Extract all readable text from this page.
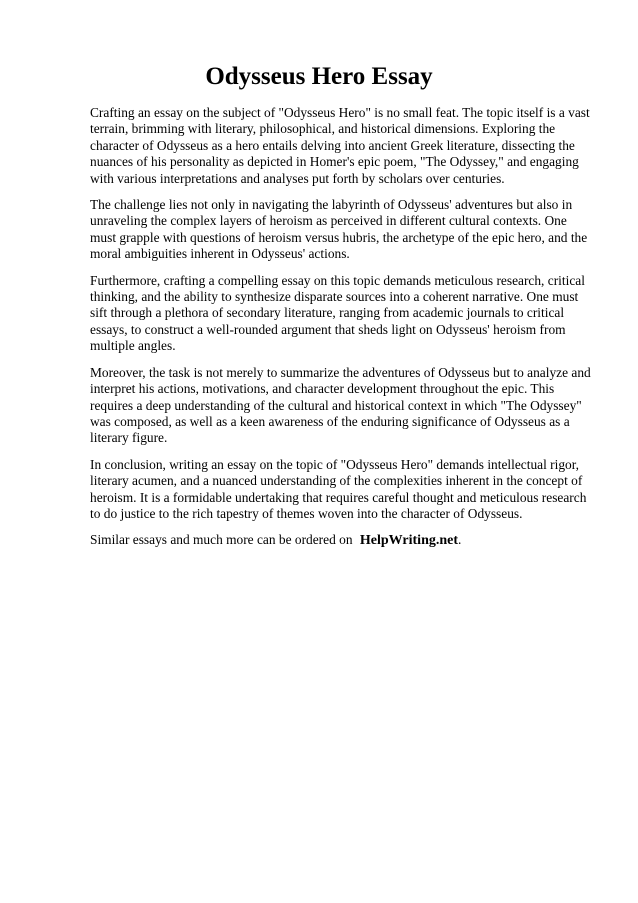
Odysseus Hero Essay

Crafting an essay on the subject of "Odysseus Hero" is no small feat. The topic itself is a vast terrain, brimming with literary, philosophical, and historical dimensions. Exploring the character of Odysseus as a hero entails delving into ancient Greek literature, dissecting the nuances of his personality as depicted in Homer's epic poem, "The Odyssey," and engaging with various interpretations and analyses put forth by scholars over centuries.

The challenge lies not only in navigating the labyrinth of Odysseus' adventures but also in unraveling the complex layers of heroism as perceived in different cultural contexts. One must grapple with questions of heroism versus hubris, the archetype of the epic hero, and the moral ambiguities inherent in Odysseus' actions.

Furthermore, crafting a compelling essay on this topic demands meticulous research, critical thinking, and the ability to synthesize disparate sources into a coherent narrative. One must sift through a plethora of secondary literature, ranging from academic journals to critical essays, to construct a well-rounded argument that sheds light on Odysseus' heroism from multiple angles.

Moreover, the task is not merely to summarize the adventures of Odysseus but to analyze and interpret his actions, motivations, and character development throughout the epic. This requires a deep understanding of the cultural and historical context in which "The Odyssey" was composed, as well as a keen awareness of the enduring significance of Odysseus as a literary figure.

In conclusion, writing an essay on the topic of "Odysseus Hero" demands intellectual rigor, literary acumen, and a nuanced understanding of the complexities inherent in the concept of heroism. It is a formidable undertaking that requires careful thought and meticulous research to do justice to the rich tapestry of themes woven into the character of Odysseus.

Similar essays and much more can be ordered on HelpWriting.net.
